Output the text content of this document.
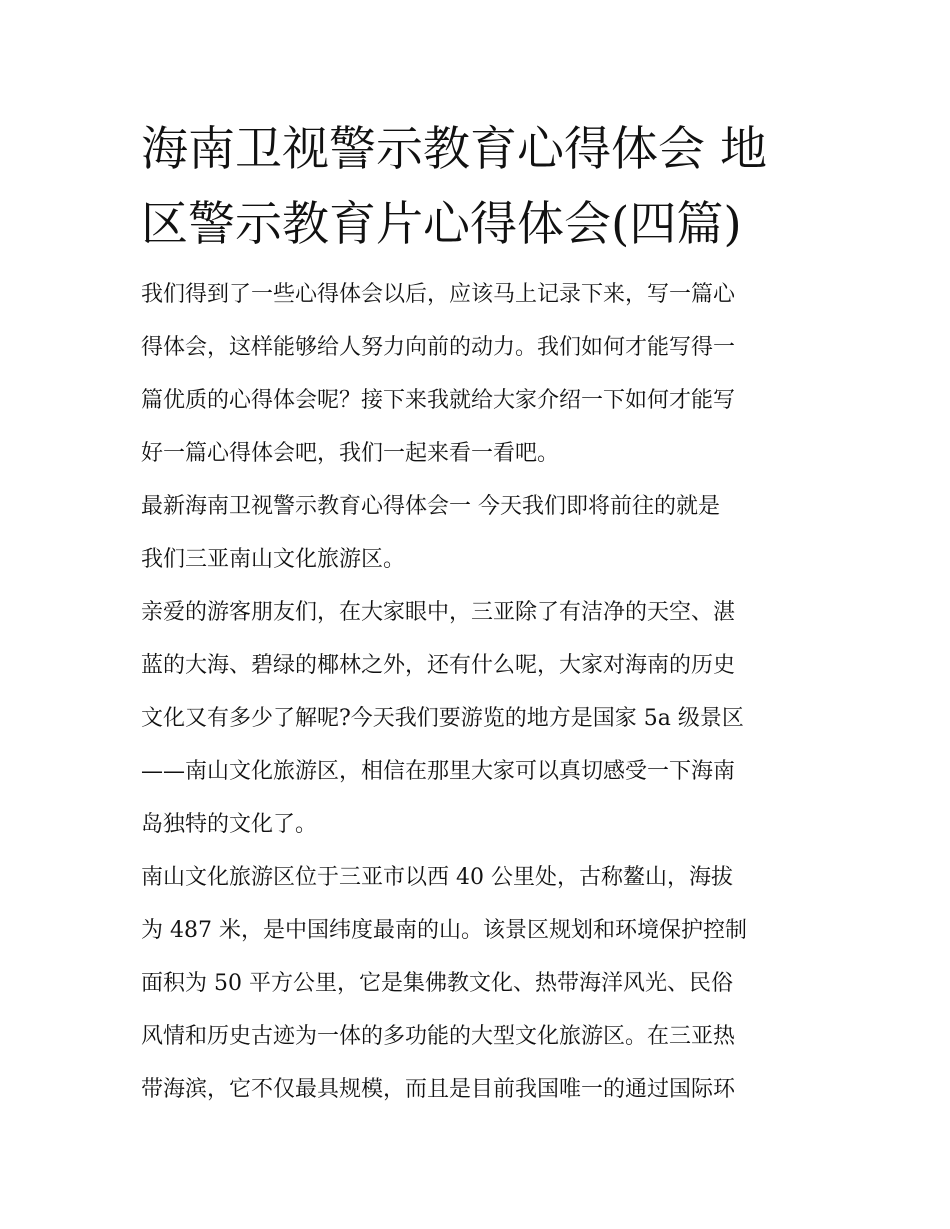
海南卫视警示教育心得体会 地
区警示教育片心得体会(四篇)

我们得到了一些心得体会以后，应该马上记录下来，写一篇心
得体会，这样能够给人努力向前的动力。我们如何才能写得一
篇优质的心得体会呢？接下来我就给大家介绍一下如何才能写
好一篇心得体会吧，我们一起来看一看吧。

最新海南卫视警示教育心得体会一 今天我们即将前往的就是
我们三亚南山文化旅游区。

亲爱的游客朋友们，在大家眼中，三亚除了有洁净的天空、湛
蓝的大海、碧绿的椰林之外，还有什么呢，大家对海南的历史
文化又有多少了解呢?今天我们要游览的地方是国家 5a 级景区
——南山文化旅游区，相信在那里大家可以真切感受一下海南
岛独特的文化了。

南山文化旅游区位于三亚市以西 40 公里处，古称鳌山，海拔
为 487 米，是中国纬度最南的山。该景区规划和环境保护控制
面积为 50 平方公里，它是集佛教文化、热带海洋风光、民俗
风情和历史古迹为一体的多功能的大型文化旅游区。在三亚热
带海滨，它不仅最具规模，而且是目前我国唯一的通过国际环
